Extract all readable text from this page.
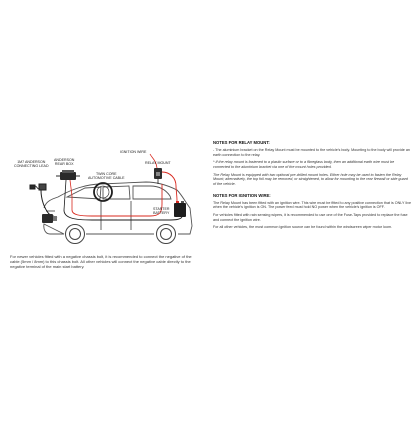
1M7 ANDERSON
CONNECTING LEAD
ANDERSON
REAR BOX
TWIN CORE
AUTOMOTIVE CABLE
IGNITION WIRE
RELAY MOUNT
STARTER
BATTERY

For newer vehicles fitted with a negative chassis bolt, it is recommended to connect the negative of the cable (5mm / 8mm) to this chassis bolt. All other vehicles will connect the negative cable directly to the negative terminal of the main start battery.

NOTES FOR RELAY MOUNT:

- The aluminium bracket on the Relay Mount must be mounted to the vehicle's body. Mounting to the body will provide an earth connection to the relay.

* If the relay mount is fastened to a plastic surface or to a fibreglass body, then an additional earth wire must be connected to the aluminium bracket via one of the mount holes provided.

The Relay Mount is equipped with two optional pre-drilled mount holes. Either hole may be used to fasten the Relay Mount; alternatively, the top foil may be removed, or straightened, to allow for mounting to the rear firewall or side guard of the vehicle.

NOTES FOR IGNITION WIRE:

The Relay Mount has been fitted with an ignition wire. This wire must be fitted to any positive connection that is ONLY live when the vehicle's ignition is ON. The power feed must hold NO power when the vehicle's ignition is OFF.

For vehicles fitted with rain sensing wipers, it is recommended to use one of the Fuse-Taps provided to replace the fuse and connect the ignition wire.

For all other vehicles, the most common ignition source can be found within the windscreen wiper motor loom.
